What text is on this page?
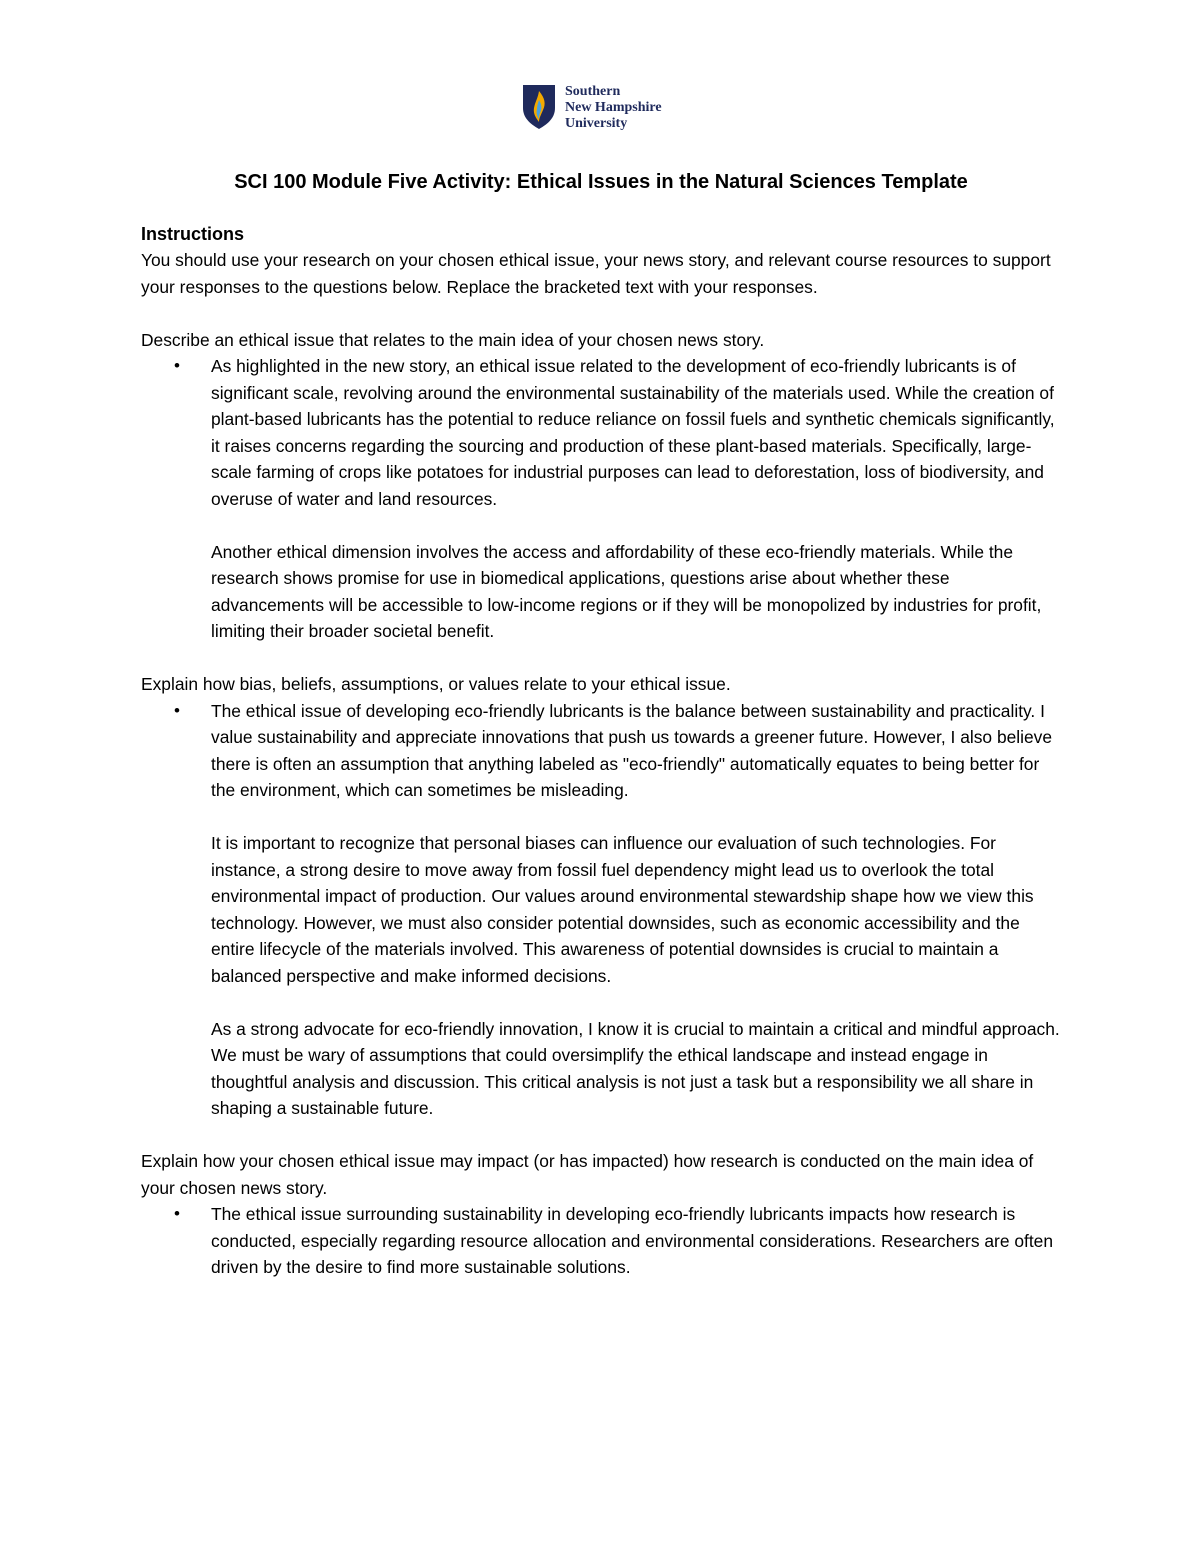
Southern
New Hampshire
University
SCI 100 Module Five Activity: Ethical Issues in the Natural Sciences Template
Instructions

You should use your research on your chosen ethical issue, your news story, and relevant course resources to support your responses to the questions below. Replace the bracketed text with your responses.

Describe an ethical issue that relates to the main idea of your chosen news story.

• As highlighted in the new story, an ethical issue related to the development of eco-friendly lubricants is of significant scale, revolving around the environmental sustainability of the materials used. While the creation of plant-based lubricants has the potential to reduce reliance on fossil fuels and synthetic chemicals significantly, it raises concerns regarding the sourcing and production of these plant-based materials. Specifically, large-scale farming of crops like potatoes for industrial purposes can lead to deforestation, loss of biodiversity, and overuse of water and land resources.

Another ethical dimension involves the access and affordability of these eco-friendly materials. While the research shows promise for use in biomedical applications, questions arise about whether these advancements will be accessible to low-income regions or if they will be monopolized by industries for profit, limiting their broader societal benefit.

Explain how bias, beliefs, assumptions, or values relate to your ethical issue.

• The ethical issue of developing eco-friendly lubricants is the balance between sustainability and practicality. I value sustainability and appreciate innovations that push us towards a greener future. However, I also believe there is often an assumption that anything labeled as "eco-friendly" automatically equates to being better for the environment, which can sometimes be misleading.

It is important to recognize that personal biases can influence our evaluation of such technologies. For instance, a strong desire to move away from fossil fuel dependency might lead us to overlook the total environmental impact of production. Our values around environmental stewardship shape how we view this technology. However, we must also consider potential downsides, such as economic accessibility and the entire lifecycle of the materials involved. This awareness of potential downsides is crucial to maintain a balanced perspective and make informed decisions.

As a strong advocate for eco-friendly innovation, I know it is crucial to maintain a critical and mindful approach. We must be wary of assumptions that could oversimplify the ethical landscape and instead engage in thoughtful analysis and discussion. This critical analysis is not just a task but a responsibility we all share in shaping a sustainable future.

Explain how your chosen ethical issue may impact (or has impacted) how research is conducted on the main idea of your chosen news story.

• The ethical issue surrounding sustainability in developing eco-friendly lubricants impacts how research is conducted, especially regarding resource allocation and environmental considerations. Researchers are often driven by the desire to find more sustainable solutions.
